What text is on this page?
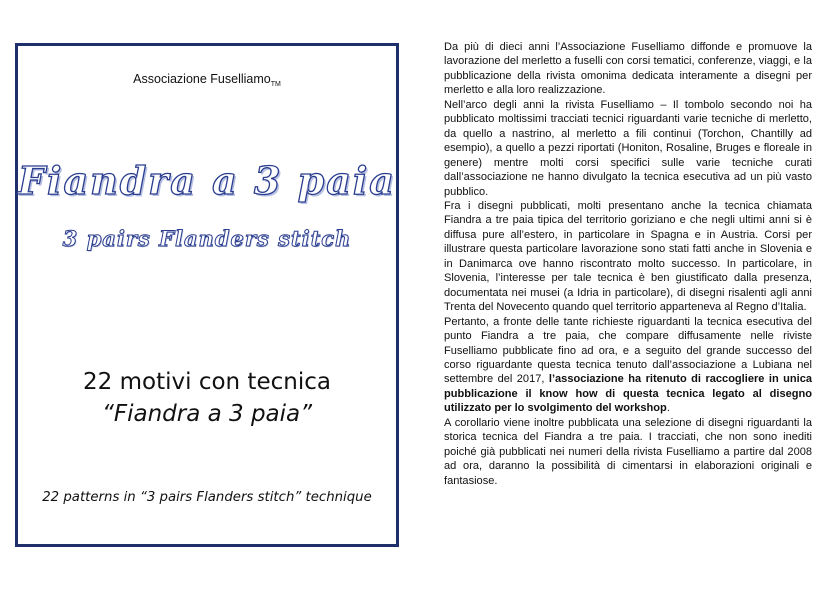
Associazione Fuselliamo$_{TM}$
Fiandra a 3 paia
3 pairs Flanders stitch
22 motivi con tecnica
“Fiandra a 3 paia”
22 patterns in “3 pairs Flanders stitch” technique

Da più di dieci anni l’Associazione Fuselliamo diffonde e promuove la lavorazione del merletto a fuselli con corsi tematici, conferenze, viaggi, e la pubblicazione della rivista omonima dedicata interamente a disegni per merletto e alla loro realizzazione.

Nell’arco degli anni la rivista Fuselliamo – Il tombolo secondo noi ha pubblicato moltissimi tracciati tecnici riguardanti varie tecniche di merletto, da quello a nastrino, al merletto a fili continui (Torchon, Chantilly ad esempio), a quello a pezzi riportati (Honiton, Rosaline, Bruges e floreale in genere) mentre molti corsi specifici sulle varie tecniche curati dall’associazione ne hanno divulgato la tecnica esecutiva ad un più vasto pubblico.

Fra i disegni pubblicati, molti presentano anche la tecnica chiamata Fiandra a tre paia tipica del territorio goriziano e che negli ultimi anni si è diffusa pure all’estero, in particolare in Spagna e in Austria. Corsi per illustrare questa particolare lavorazione sono stati fatti anche in Slovenia e in Danimarca ove hanno riscontrato molto successo. In particolare, in Slovenia, l’interesse per tale tecnica è ben giustificato dalla presenza, documentata nei musei (a Idria in particolare), di disegni risalenti agli anni Trenta del Novecento quando quel territorio apparteneva al Regno d’Italia.

Pertanto, a fronte delle tante richieste riguardanti la tecnica esecutiva del punto Fiandra a tre paia, che compare diffusamente nelle riviste Fuselliamo pubblicate fino ad ora, e a seguito del grande successo del corso riguardante questa tecnica tenuto dall’associazione a Lubiana nel settembre del 2017, l’associazione ha ritenuto di raccogliere in unica pubblicazione il know how di questa tecnica legato al disegno utilizzato per lo svolgimento del workshop.

A corollario viene inoltre pubblicata una selezione di disegni riguardanti la storica tecnica del Fiandra a tre paia. I tracciati, che non sono inediti poiché già pubblicati nei numeri della rivista Fuselliamo a partire dal 2008 ad ora, daranno la possibilità di cimentarsi in elaborazioni originali e fantasiose.
